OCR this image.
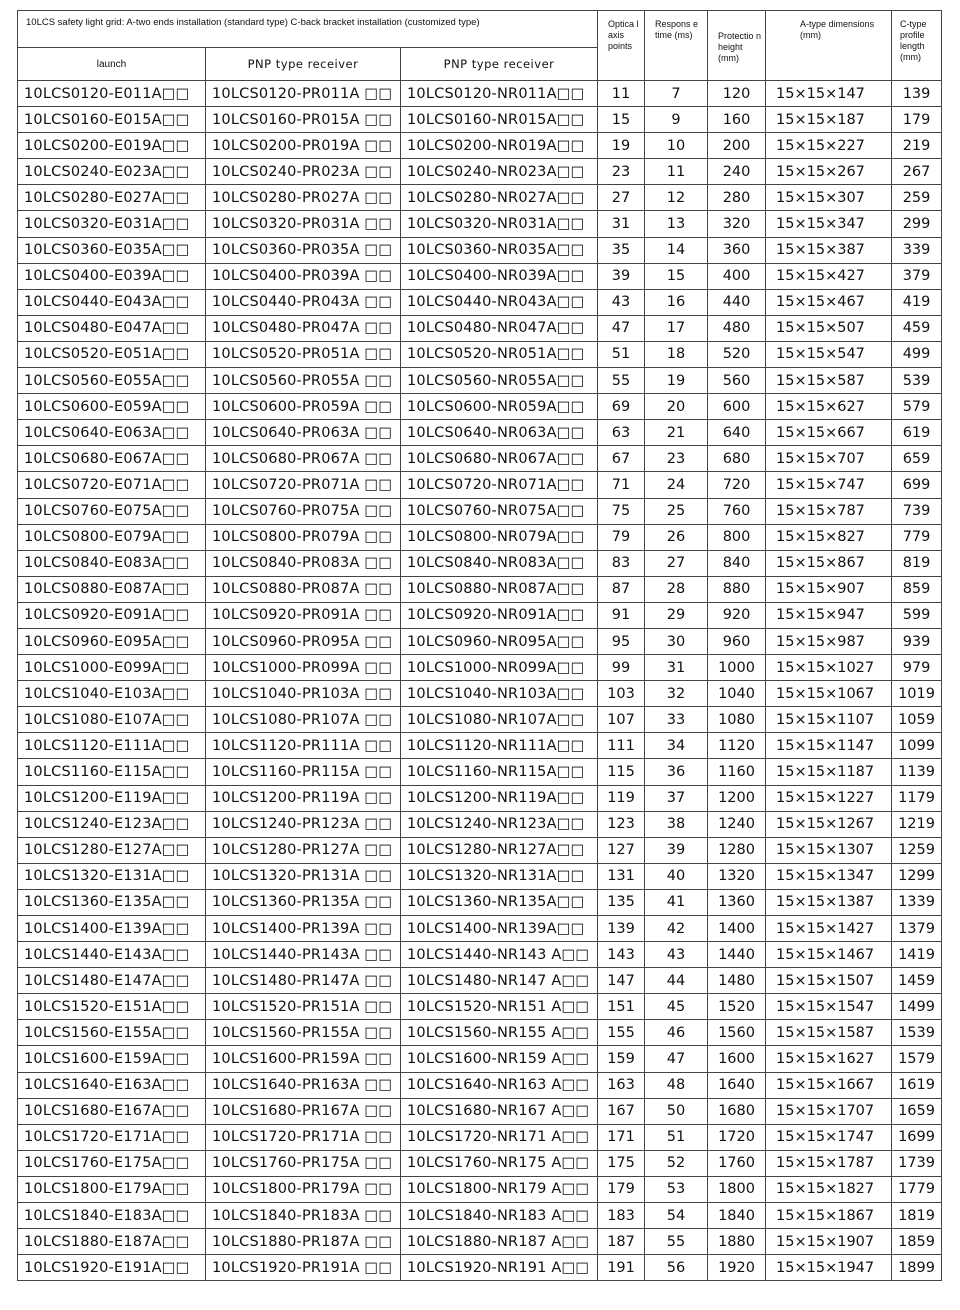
10LCS safety light grid: A-two ends installation (standard type) C-back bracket installation (customized type)			Optica l axis points	Respons e time (ms)	Protectio n height (mm)	A-type dimensions (mm)	C-type profile length (mm)
launch	PNP type receiver	PNP type receiver					
10LCS0120-E011A□□	10LCS0120-PR011A □□	10LCS0120-NR011A□□	11	7	120	15×15×147	139
10LCS0160-E015A□□	10LCS0160-PR015A □□	10LCS0160-NR015A□□	15	9	160	15×15×187	179
10LCS0200-E019A□□	10LCS0200-PR019A □□	10LCS0200-NR019A□□	19	10	200	15×15×227	219
10LCS0240-E023A□□	10LCS0240-PR023A □□	10LCS0240-NR023A□□	23	11	240	15×15×267	267
10LCS0280-E027A□□	10LCS0280-PR027A □□	10LCS0280-NR027A□□	27	12	280	15×15×307	259
10LCS0320-E031A□□	10LCS0320-PR031A □□	10LCS0320-NR031A□□	31	13	320	15×15×347	299
10LCS0360-E035A□□	10LCS0360-PR035A □□	10LCS0360-NR035A□□	35	14	360	15×15×387	339
10LCS0400-E039A□□	10LCS0400-PR039A □□	10LCS0400-NR039A□□	39	15	400	15×15×427	379
10LCS0440-E043A□□	10LCS0440-PR043A □□	10LCS0440-NR043A□□	43	16	440	15×15×467	419
10LCS0480-E047A□□	10LCS0480-PR047A □□	10LCS0480-NR047A□□	47	17	480	15×15×507	459
10LCS0520-E051A□□	10LCS0520-PR051A □□	10LCS0520-NR051A□□	51	18	520	15×15×547	499
10LCS0560-E055A□□	10LCS0560-PR055A □□	10LCS0560-NR055A□□	55	19	560	15×15×587	539
10LCS0600-E059A□□	10LCS0600-PR059A □□	10LCS0600-NR059A□□	69	20	600	15×15×627	579
10LCS0640-E063A□□	10LCS0640-PR063A □□	10LCS0640-NR063A□□	63	21	640	15×15×667	619
10LCS0680-E067A□□	10LCS0680-PR067A □□	10LCS0680-NR067A□□	67	23	680	15×15×707	659
10LCS0720-E071A□□	10LCS0720-PR071A □□	10LCS0720-NR071A□□	71	24	720	15×15×747	699
10LCS0760-E075A□□	10LCS0760-PR075A □□	10LCS0760-NR075A□□	75	25	760	15×15×787	739
10LCS0800-E079A□□	10LCS0800-PR079A □□	10LCS0800-NR079A□□	79	26	800	15×15×827	779
10LCS0840-E083A□□	10LCS0840-PR083A □□	10LCS0840-NR083A□□	83	27	840	15×15×867	819
10LCS0880-E087A□□	10LCS0880-PR087A □□	10LCS0880-NR087A□□	87	28	880	15×15×907	859
10LCS0920-E091A□□	10LCS0920-PR091A □□	10LCS0920-NR091A□□	91	29	920	15×15×947	599
10LCS0960-E095A□□	10LCS0960-PR095A □□	10LCS0960-NR095A□□	95	30	960	15×15×987	939
10LCS1000-E099A□□	10LCS1000-PR099A □□	10LCS1000-NR099A□□	99	31	1000	15×15×1027	979
10LCS1040-E103A□□	10LCS1040-PR103A □□	10LCS1040-NR103A□□	103	32	1040	15×15×1067	1019
10LCS1080-E107A□□	10LCS1080-PR107A □□	10LCS1080-NR107A□□	107	33	1080	15×15×1107	1059
10LCS1120-E111A□□	10LCS1120-PR111A □□	10LCS1120-NR111A□□	111	34	1120	15×15×1147	1099
10LCS1160-E115A□□	10LCS1160-PR115A □□	10LCS1160-NR115A□□	115	36	1160	15×15×1187	1139
10LCS1200-E119A□□	10LCS1200-PR119A □□	10LCS1200-NR119A□□	119	37	1200	15×15×1227	1179
10LCS1240-E123A□□	10LCS1240-PR123A □□	10LCS1240-NR123A□□	123	38	1240	15×15×1267	1219
10LCS1280-E127A□□	10LCS1280-PR127A □□	10LCS1280-NR127A□□	127	39	1280	15×15×1307	1259
10LCS1320-E131A□□	10LCS1320-PR131A □□	10LCS1320-NR131A□□	131	40	1320	15×15×1347	1299
10LCS1360-E135A□□	10LCS1360-PR135A □□	10LCS1360-NR135A□□	135	41	1360	15×15×1387	1339
10LCS1400-E139A□□	10LCS1400-PR139A □□	10LCS1400-NR139A□□	139	42	1400	15×15×1427	1379
10LCS1440-E143A□□	10LCS1440-PR143A □□	10LCS1440-NR143 A□□	143	43	1440	15×15×1467	1419
10LCS1480-E147A□□	10LCS1480-PR147A □□	10LCS1480-NR147 A□□	147	44	1480	15×15×1507	1459
10LCS1520-E151A□□	10LCS1520-PR151A □□	10LCS1520-NR151 A□□	151	45	1520	15×15×1547	1499
10LCS1560-E155A□□	10LCS1560-PR155A □□	10LCS1560-NR155 A□□	155	46	1560	15×15×1587	1539
10LCS1600-E159A□□	10LCS1600-PR159A □□	10LCS1600-NR159 A□□	159	47	1600	15×15×1627	1579
10LCS1640-E163A□□	10LCS1640-PR163A □□	10LCS1640-NR163 A□□	163	48	1640	15×15×1667	1619
10LCS1680-E167A□□	10LCS1680-PR167A □□	10LCS1680-NR167 A□□	167	50	1680	15×15×1707	1659
10LCS1720-E171A□□	10LCS1720-PR171A □□	10LCS1720-NR171 A□□	171	51	1720	15×15×1747	1699
10LCS1760-E175A□□	10LCS1760-PR175A □□	10LCS1760-NR175 A□□	175	52	1760	15×15×1787	1739
10LCS1800-E179A□□	10LCS1800-PR179A □□	10LCS1800-NR179 A□□	179	53	1800	15×15×1827	1779
10LCS1840-E183A□□	10LCS1840-PR183A □□	10LCS1840-NR183 A□□	183	54	1840	15×15×1867	1819
10LCS1880-E187A□□	10LCS1880-PR187A □□	10LCS1880-NR187 A□□	187	55	1880	15×15×1907	1859
10LCS1920-E191A□□	10LCS1920-PR191A □□	10LCS1920-NR191 A□□	191	56	1920	15×15×1947	1899
